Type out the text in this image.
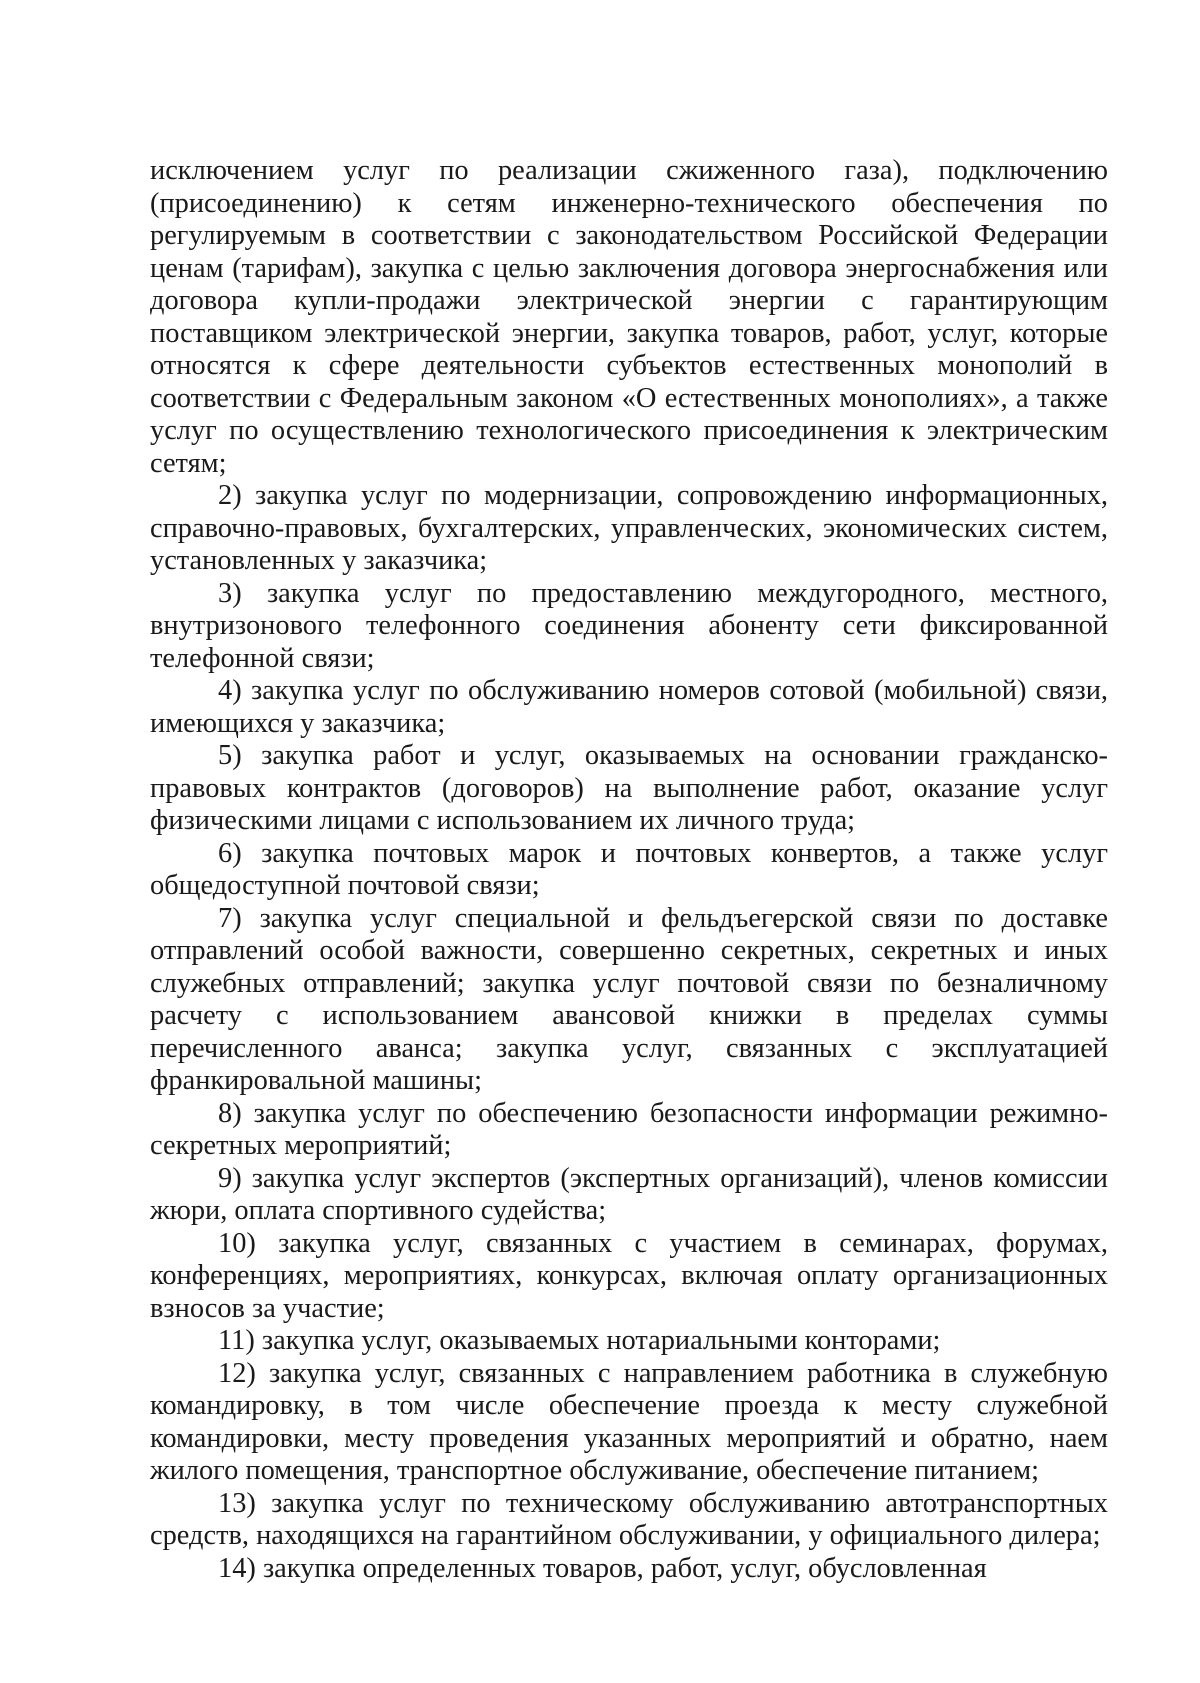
исключением услуг по реализации сжиженного газа), подключению (присоединению) к сетям инженерно-технического обеспечения по регулируемым в соответствии с законодательством Российской Федерации ценам (тарифам), закупка с целью заключения договора энергоснабжения или договора купли-продажи электрической энергии с гарантирующим поставщиком электрической энергии, закупка товаров, работ, услуг, которые относятся к сфере деятельности субъектов естественных монополий в соответствии с Федеральным законом «О естественных монополиях», а также услуг по осуществлению технологического присоединения к электрическим сетям;

2) закупка услуг по модернизации, сопровождению информационных, справочно-правовых, бухгалтерских, управленческих, экономических систем, установленных у заказчика;

3) закупка услуг по предоставлению междугородного, местного, внутризонового телефонного соединения абоненту сети фиксированной телефонной связи;

4) закупка услуг по обслуживанию номеров сотовой (мобильной) связи, имеющихся у заказчика;

5) закупка работ и услуг, оказываемых на основании гражданско-правовых контрактов (договоров) на выполнение работ, оказание услуг физическими лицами с использованием их личного труда;

6) закупка почтовых марок и почтовых конвертов, а также услуг общедоступной почтовой связи;

7) закупка услуг специальной и фельдъегерской связи по доставке отправлений особой важности, совершенно секретных, секретных и иных служебных отправлений; закупка услуг почтовой связи по безналичному расчету с использованием авансовой книжки в пределах суммы перечисленного аванса; закупка услуг, связанных с эксплуатацией франкировальной машины;

8) закупка услуг по обеспечению безопасности информации режимно-секретных мероприятий;

9) закупка услуг экспертов (экспертных организаций), членов комиссии жюри, оплата спортивного судейства;

10) закупка услуг, связанных с участием в семинарах, форумах, конференциях, мероприятиях, конкурсах, включая оплату организационных взносов за участие;

11) закупка услуг, оказываемых нотариальными конторами;

12) закупка услуг, связанных с направлением работника в служебную командировку, в том числе обеспечение проезда к месту служебной командировки, месту проведения указанных мероприятий и обратно, наем жилого помещения, транспортное обслуживание, обеспечение питанием;

13) закупка услуг по техническому обслуживанию автотранспортных средств, находящихся на гарантийном обслуживании, у официального дилера;

14) закупка определенных товаров, работ, услуг, обусловленная
